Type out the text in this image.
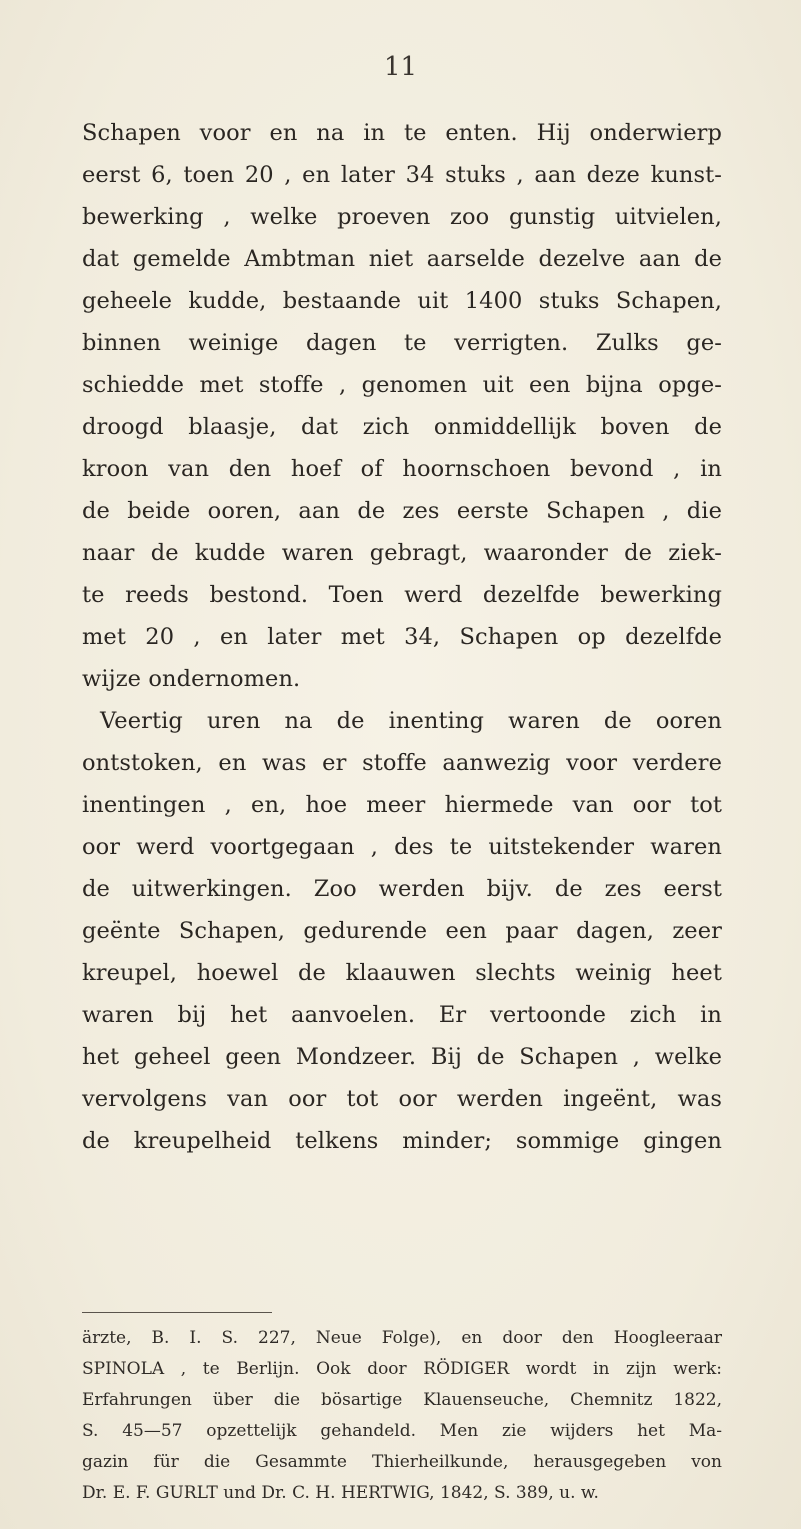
11
Schapen voor en na in te enten. Hij onderwierp
eerst 6, toen 20 , en later 34 stuks , aan deze kunst-
bewerking , welke proeven zoo gunstig uitvielen,
dat gemelde Ambtman niet aarselde dezelve aan de
geheele kudde, bestaande uit 1400 stuks Schapen,
binnen weinige dagen te verrigten. Zulks ge-
schiedde met stoffe , genomen uit een bijna opge-
droogd blaasje, dat zich onmiddellijk boven de
kroon van den hoef of hoornschoen bevond , in
de beide ooren, aan de zes eerste Schapen , die
naar de kudde waren gebragt, waaronder de ziek-
te reeds bestond. Toen werd dezelfde bewerking
met 20 , en later met 34, Schapen op dezelfde
wijze ondernomen.
Veertig uren na de inenting waren de ooren
ontstoken, en was er stoffe aanwezig voor verdere
inentingen , en, hoe meer hiermede van oor tot
oor werd voortgegaan , des te uitstekender waren
de uitwerkingen. Zoo werden bijv. de zes eerst
geënte Schapen, gedurende een paar dagen, zeer
kreupel, hoewel de klaauwen slechts weinig heet
waren bij het aanvoelen. Er vertoonde zich in
het geheel geen Mondzeer. Bij de Schapen , welke
vervolgens van oor tot oor werden ingeënt, was
de kreupelheid telkens minder; sommige gingen
ärzte, B. I. S. 227, Neue Folge), en door den Hoogleeraar
SPINOLA , te Berlijn. Ook door RÖDIGER wordt in zijn werk:
Erfahrungen über die bösartige Klauenseuche, Chemnitz 1822,
S. 45—57 opzettelijk gehandeld. Men zie wijders het Ma-
gazin für die Gesammte Thierheilkunde, herausgegeben von
Dr. E. F. GURLT und Dr. C. H. HERTWIG, 1842, S. 389, u. w.
